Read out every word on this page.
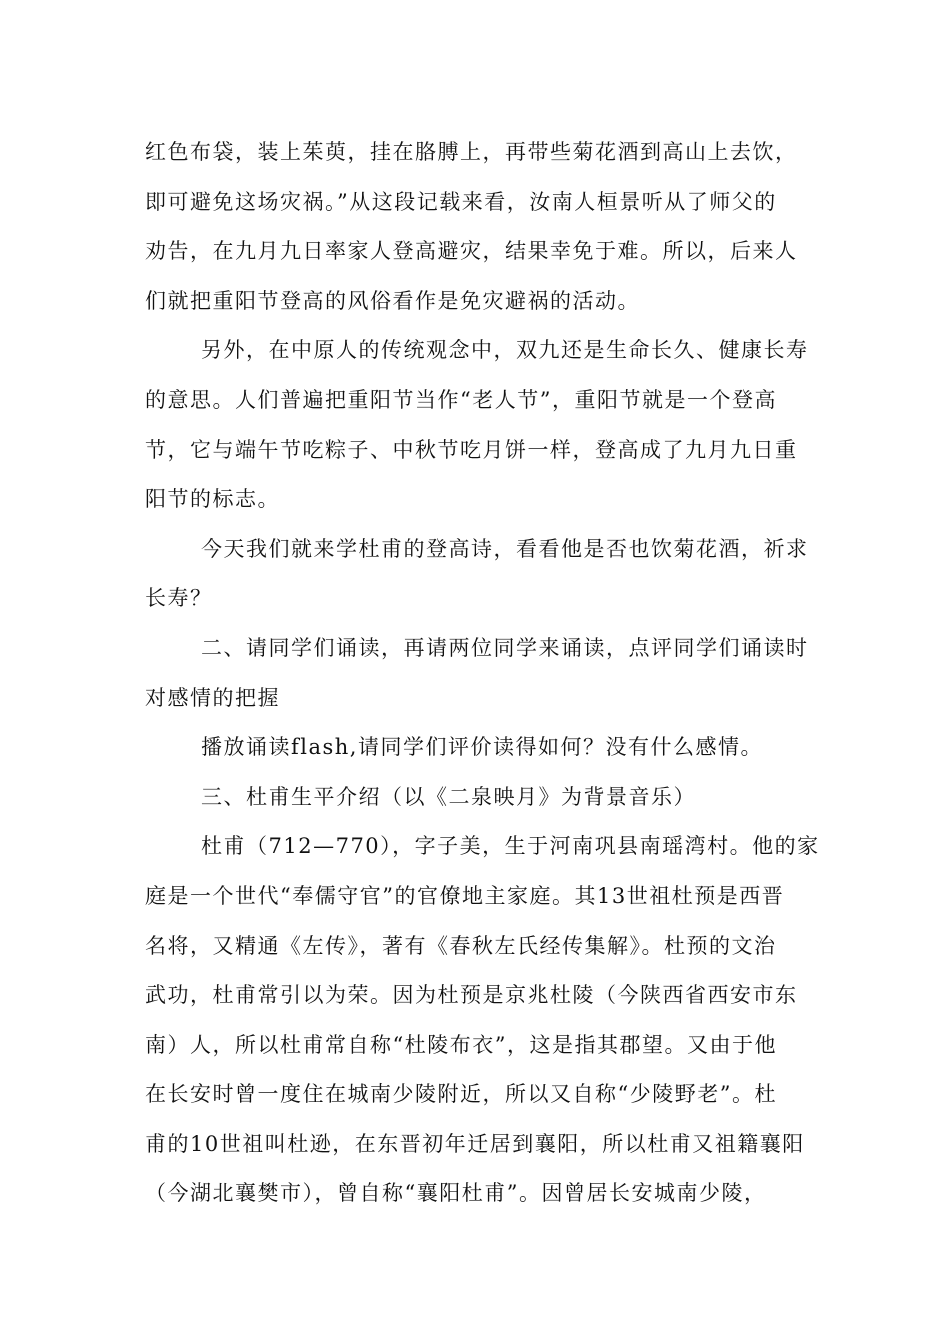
红色布袋，装上茱萸，挂在胳膊上，再带些菊花酒到高山上去饮，
即可避免这场灾祸。”从这段记载来看，汝南人桓景听从了师父的
劝告，在九月九日率家人登高避灾，结果幸免于难。所以，后来人
们就把重阳节登高的风俗看作是免灾避祸的活动。
另外，在中原人的传统观念中，双九还是生命长久、健康长寿
的意思。人们普遍把重阳节当作“老人节”，重阳节就是一个登高
节，它与端午节吃粽子、中秋节吃月饼一样，登高成了九月九日重
阳节的标志。
今天我们就来学杜甫的登高诗，看看他是否也饮菊花酒，祈求
长寿？
二、请同学们诵读，再请两位同学来诵读，点评同学们诵读时
对感情的把握
播放诵读flash,请同学们评价读得如何？没有什么感情。
三、杜甫生平介绍（以《二泉映月》为背景音乐）
杜甫（712—770），字子美，生于河南巩县南瑶湾村。他的家
庭是一个世代“奉儒守官”的官僚地主家庭。其13世祖杜预是西晋
名将，又精通《左传》，著有《春秋左氏经传集解》。杜预的文治
武功，杜甫常引以为荣。因为杜预是京兆杜陵（今陕西省西安市东
南）人，所以杜甫常自称“杜陵布衣”，这是指其郡望。又由于他
在长安时曾一度住在城南少陵附近，所以又自称“少陵野老”。杜
甫的10世祖叫杜逊，在东晋初年迁居到襄阳，所以杜甫又祖籍襄阳
（今湖北襄樊市），曾自称“襄阳杜甫”。因曾居长安城南少陵，
